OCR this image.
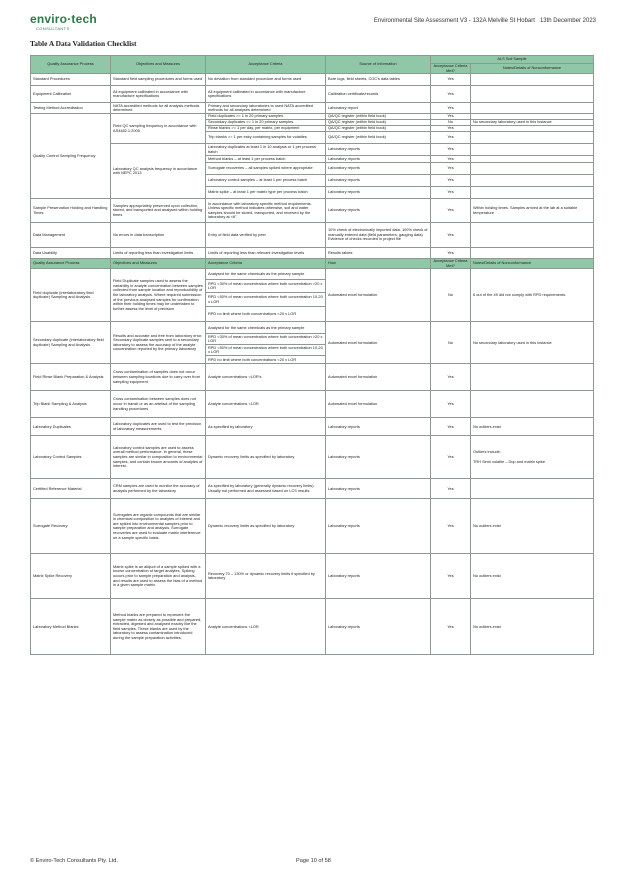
enviro·tech
CONSULTANTS
Environmental Site Assessment V3 - 132A Melville St Hobart 13th December 2023
Table A Data Validation Checklist
Quality Assurance Process	Objectives and Measures	Acceptance Criteria	Source of Information	ALS Soil Sample	
				Acceptance Criteria Met?	Notes/Details of Nonconformance
Standard Procedures	Standard field sampling procedures and forms used	No deviation from standard procedure and forms used	Bore logs, field sheets, COC's data tables	Yes	
Equipment Calibration	All equipment calibrated in accordance with manufacture specifications	All equipment calibrated in accordance with manufacture specifications	Calibration certificate/records	Yes	
Testing Method Accreditation	NATA accredited methods for all analysis methods determined	Primary and secondary laboratories to used NATA accredited methods for all analyses determined	Laboratory report	Yes	
Quality Control Sampling Frequency	Field QC sampling frequency in accordance with AS4482.1:2005	Field duplicates >= 1 in 20 primary samples	QA/QC register (within field book)	Yes	
		Secondary duplicates >= 1 in 20 primary samples	QA/QC register (within field book)	No	No secondary laboratory used in this instance
		Rinse blanks >= 1 per day, per matrix, per equipment	QA/QC register (within field book)	Yes	
		Trip blanks >= 1 per esky containing samples for volatiles	QA/QC register (within field book)	Yes	
	Laboratory QC analysis frequency in accordance with NEPC 2013	Laboratory duplicates at least 1 in 10 analysis or 1 per process batch	Laboratory reports	Yes	
		Method blanks – at least 1 per process batch	Laboratory reports	Yes	
		Surrogate recoveries – all samples spiked where appropriate	Laboratory reports	Yes	
		Laboratory control samples – at least 1 per process batch	Laboratory reports	Yes	
		Matrix spike – at least 1 per matrix type per process batch	Laboratory reports	Yes	
Sample Preservation Holding and Handling Times	Samples appropriately preserved upon collection, stored, and transported and analysed within holding times	In accordance with laboratory specific method requirements. Unless specific method indicates otherwise, soil and water samples should be stored, transported, and received by the laboratory at <6°	Laboratory reports	Yes	Within holding times. Samples arrived at the lab at a suitable temperature
Data Management	No errors in data transcription	Entry of field data verified by peer	10% check of electronically imported data. 100% check of manually entered data (field parameters, gauging data) Evidence of checks recorded in project file	Yes	
Data Usability	Limits of reporting less than investigation limits	Limits of reporting less than relevant investigation levels	Results tables	Yes	
Quality Assurance Process	Objectives and Measures	Acceptance Criteria	How	Acceptance Criteria Met?	Notes/Details of Nonconformance
Field duplicate (interlaboratory field duplicate) Sampling and Analysis	Field Duplicate samples used to assess the variability in analyte concentration between samples collected from sample location and reproducibility of the laboratory analysis. Where required submission of the previous analysed samples for confirmation within their holding times may be undertaken to further assess the level of precision	Analysed for the same chemicals as the primary sample	Automated excel formulation	No	6 out of the 49 did not comply with RPD requirements.
		RPD <30% of mean concentration where both concentration >20 x LOR			
		RPD <50% of mean concentration where both concentration 10-20 x LOR			
		RPD no limit where both concentrations <20 x LOR			
Secondary duplicate (interlaboratory field duplicate) Sampling and Analysis	Results and accurate and free from laboratory error. Secondary duplicate samples sent to a secondary laboratory to assess the accuracy of the analyte concentration reported by the primary laboratory	Analysed for the same chemicals as the primary sample	Automated excel formulation	No	No secondary laboratory used in this instance
		RPD <30% of mean concentration where both concentration >20 x LOR			
		RPD <50% of mean concentration where both concentration 10-20 x LOR			
		RPD no limit where both concentrations <20 x LOR			
Field Rinse Blank Preparation & Analysis	Cross contamination of samples does not occur between sampling locations due to carry over from sampling equipment	Analyte concentrations <LOR's	Automated excel formulation	Yes	
Trip Blank Sampling & Analysis	Cross contamination between samples does not occur in transit or as an artefact of the sampling handling procedures	Analyte concentrations <LOR	Automated excel formulation	Yes	
Laboratory Duplicates	Laboratory duplicates are used to test the precision of laboratory measurements	As specified by laboratory	Laboratory reports	Yes	No outliers exist
Laboratory Control Samples	Laboratory control samples are used to assess overall method performance. In general, these samples are similar in composition to environmental samples, and contain known amounts of analytes of interest.	Dynamic recovery limits as specified by laboratory	Laboratory reports	Yes	Outliers include:

TRH Semi volatile – Dup and matrix spike
Certified Reference Material	CRM samples are used to monitor the accuracy of analysis performed by the laboratory	As specified by laboratory (generally dynamic recovery limits). Usually not performed and assessed based on LCS results	Laboratory reports	Yes	
Surrogate Recovery	Surrogates are organic compounds that are similar in chemical composition to analytes of interest and are spiked into environmental samples prior to sample preparation and analysis. Surrogate recoveries are used to evaluate matrix interference on a sample specific basis.	Dynamic recovery limits as specified by laboratory	Laboratory reports	Yes	No outliers exist
Matrix Spike Recovery	Matrix spike is an aliquot of a sample spiked with a known concentration of target analytes. Spiking occurs prior to sample preparation and analysis, and results are used to assess the bias of a method in a given sample matrix.	Recovery 70 – 130% or dynamic recovery limits if specified by laboratory	Laboratory reports	Yes	No outliers exist
Laboratory Method Blanks	Method blanks are prepared to represent the sample matrix as closely as possible and prepared, extracted, digested and analysed exactly like the field samples. These blanks are used by the laboratory to assess contamination introduced during the sample preparation activities.	Analyte concentrations <LOR	Laboratory reports	Yes	No outliers exist
© Enviro-Tech Consultants Pty. Ltd.	Page 10 of 58
